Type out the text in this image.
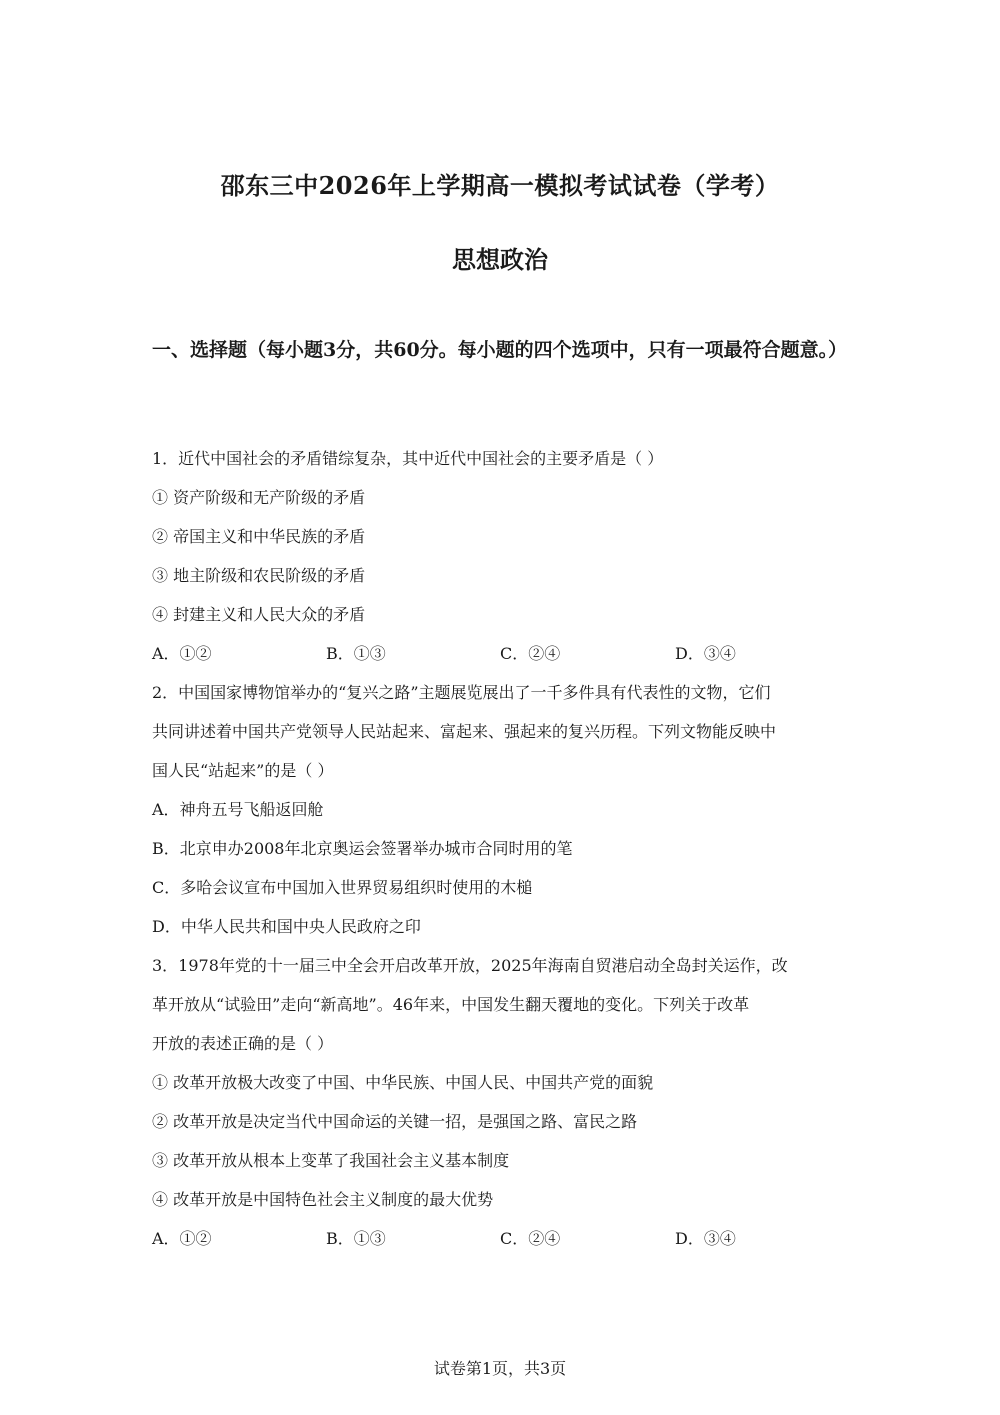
邵东三中2026年上学期高一模拟考试试卷（学考）
思想政治
一、选择题（每小题3分，共60分。每小题的四个选项中，只有一项最符合题意。）
1．近代中国社会的矛盾错综复杂，其中近代中国社会的主要矛盾是（ ）
① 资产阶级和无产阶级的矛盾
② 帝国主义和中华民族的矛盾
③ 地主阶级和农民阶级的矛盾
④ 封建主义和人民大众的矛盾
A．①②	B．①③	C．②④	D．③④
2．中国国家博物馆举办的“复兴之路”主题展览展出了一千多件具有代表性的文物，它们
共同讲述着中国共产党领导人民站起来、富起来、强起来的复兴历程。下列文物能反映中
国人民“站起来”的是（ ）
A．神舟五号飞船返回舱
B．北京申办2008年北京奥运会签署举办城市合同时用的笔
C．多哈会议宣布中国加入世界贸易组织时使用的木槌
D．中华人民共和国中央人民政府之印
3．1978年党的十一届三中全会开启改革开放，2025年海南自贸港启动全岛封关运作，改
革开放从“试验田”走向“新高地”。46年来，中国发生翻天覆地的变化。下列关于改革
开放的表述正确的是（ ）
① 改革开放极大改变了中国、中华民族、中国人民、中国共产党的面貌
② 改革开放是决定当代中国命运的关键一招，是强国之路、富民之路
③ 改革开放从根本上变革了我国社会主义基本制度
④ 改革开放是中国特色社会主义制度的最大优势
A．①②	B．①③	C．②④	D．③④
试卷第1页，共3页
